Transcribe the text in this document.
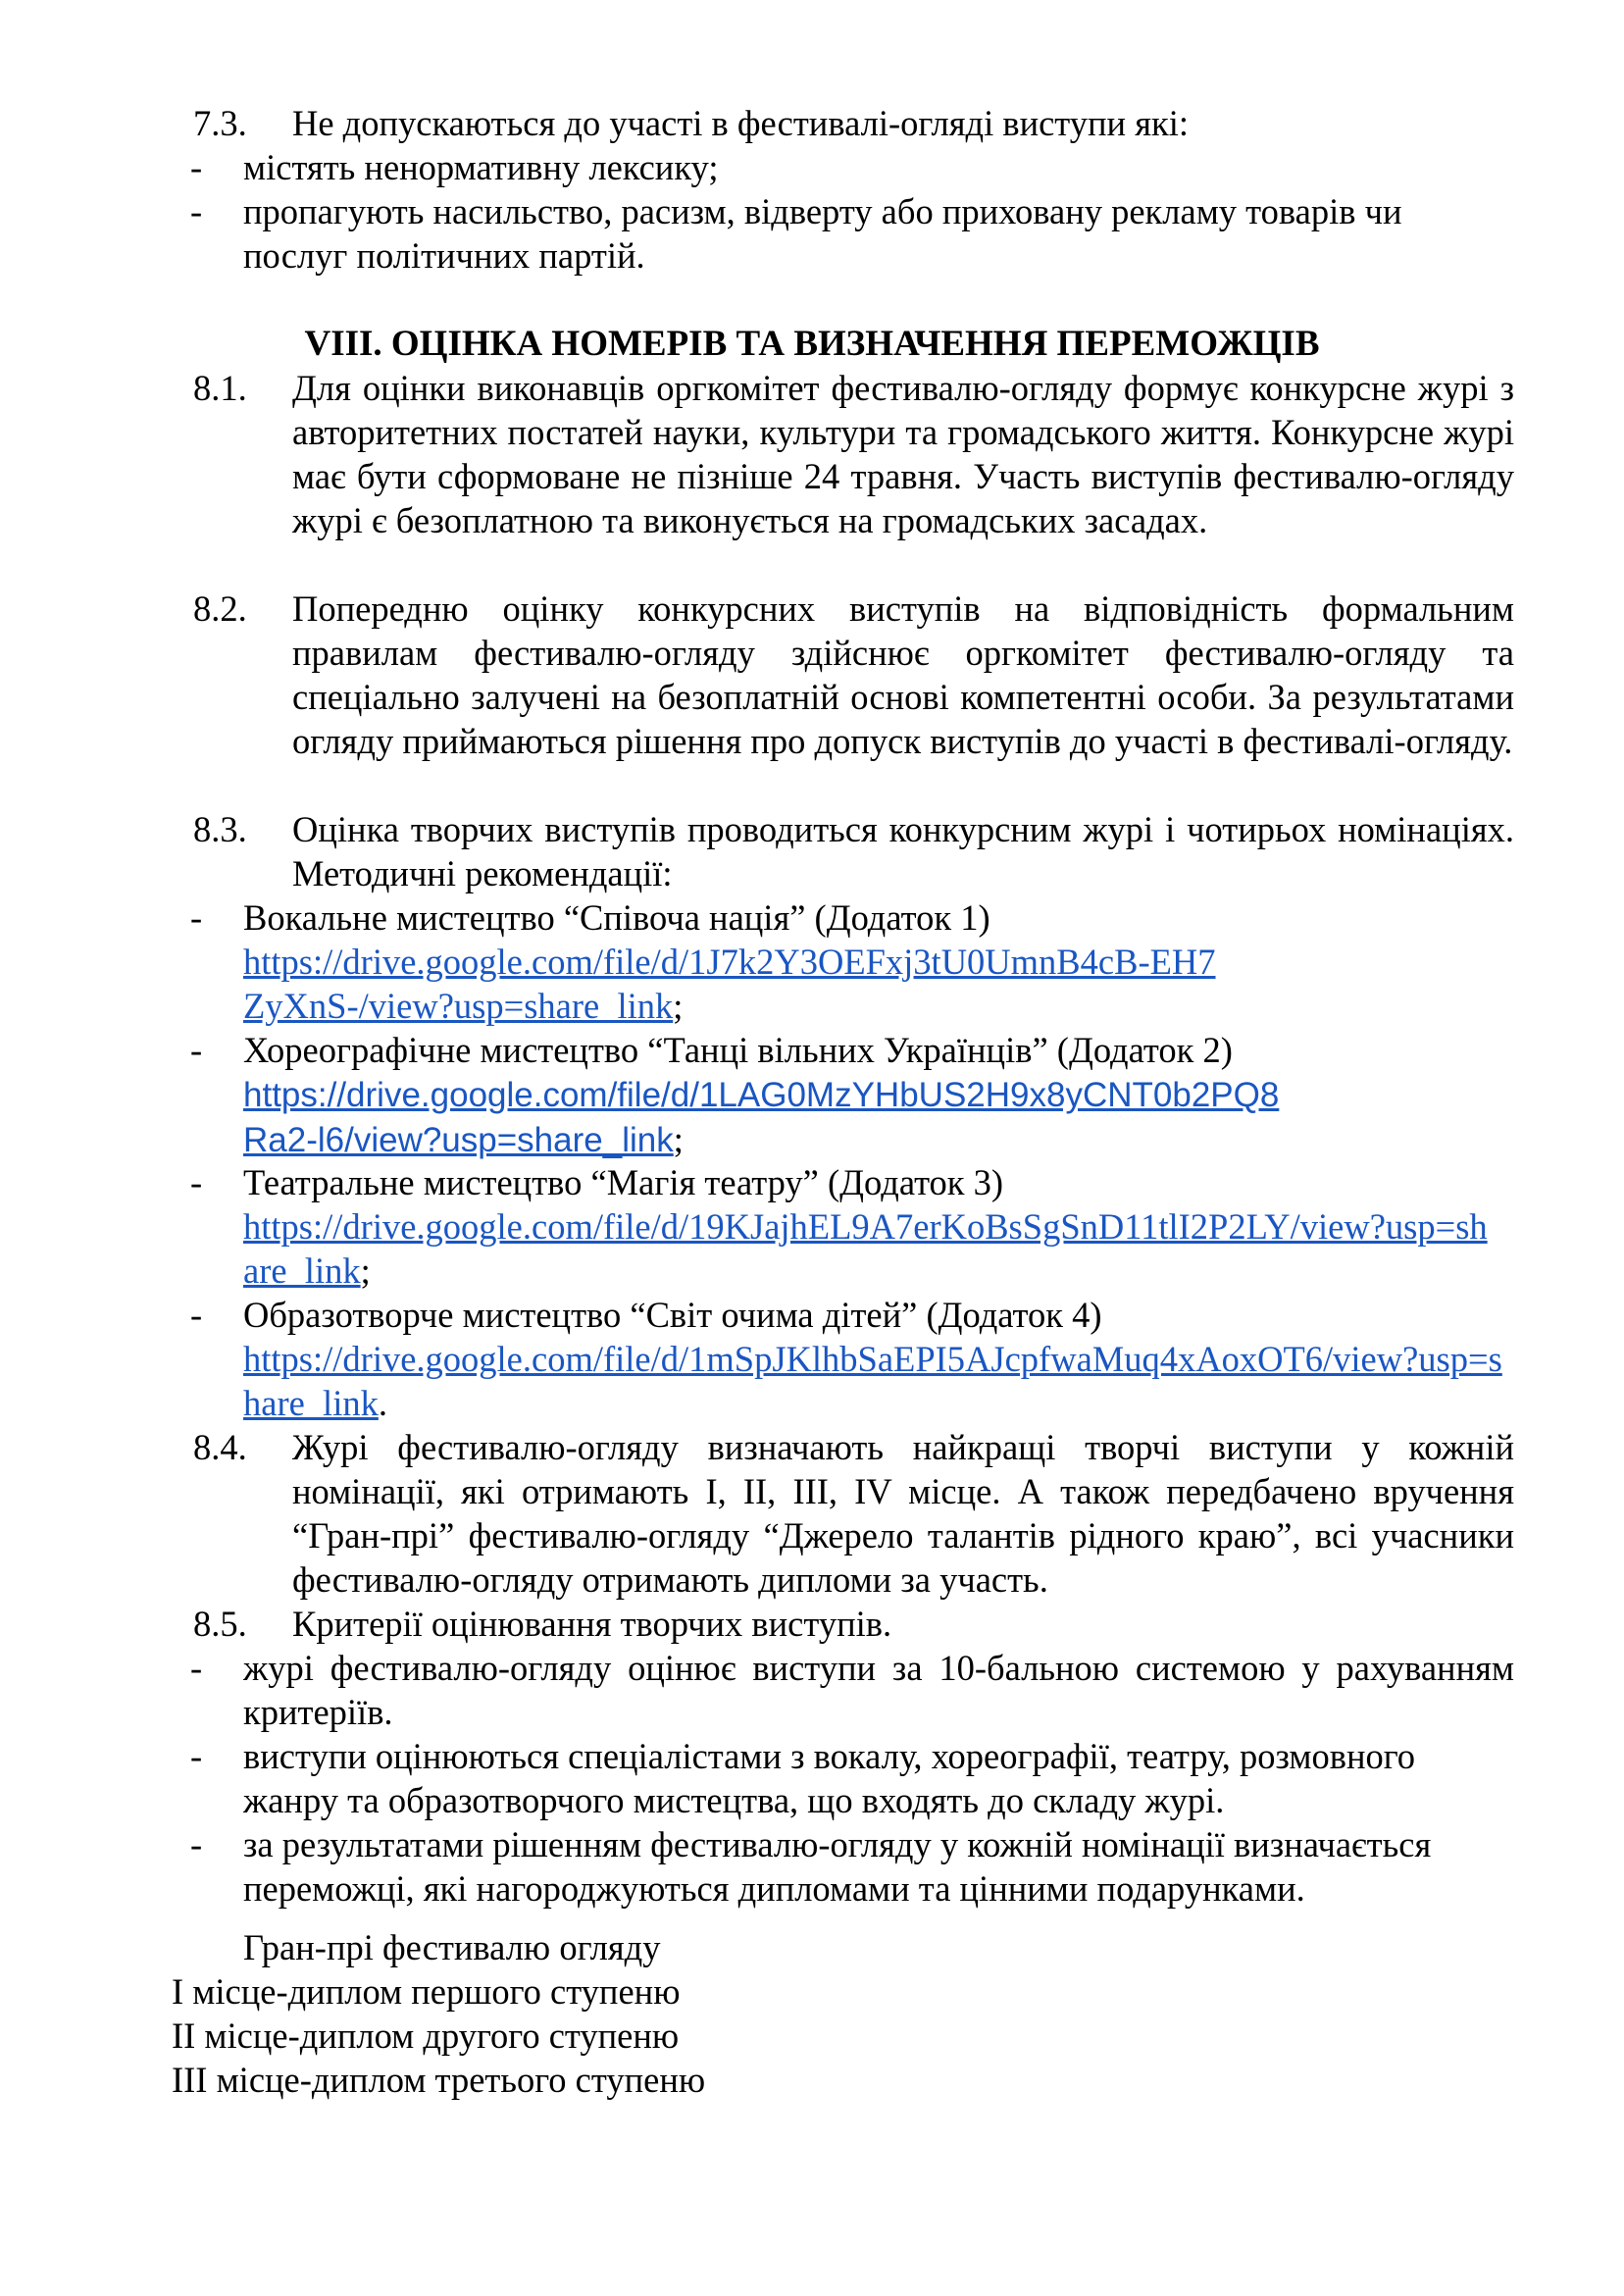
7.3. Не допускаються до участі в фестивалі-огляді виступи які:
- містять ненормативну лексику;
- пропагують насильство, расизм, відверту або приховану рекламу товарів чи послуг політичних партій.
VIII. ОЦІНКА НОМЕРІВ ТА ВИЗНАЧЕННЯ ПЕРЕМОЖЦІВ
8.1. Для оцінки виконавців оргкомітет фестивалю-огляду формує конкурсне журі з авторитетних постатей науки, культури та громадського життя. Конкурсне журі має бути сформоване не пізніше 24 травня. Участь виступів фестивалю-огляду журі є безоплатною та виконується на громадських засадах.
8.2. Попередню оцінку конкурсних виступів на відповідність формальним правилам фестивалю-огляду здійснює оргкомітет фестивалю-огляду та спеціально залучені на безоплатній основі компетентні особи. За результатами огляду приймаються рішення про допуск виступів до участі в фестивалі-огляду.
8.3. Оцінка творчих виступів проводиться конкурсним журі і чотирьох номінаціях. Методичні рекомендації:
- Вокальне мистецтво “Співоча нація” (Додаток 1)
https://drive.google.com/file/d/1J7k2Y3OEFxj3tU0UmnB4cB-EH7ZyXnS-/view?usp=share_link;
- Хореографічне мистецтво “Танці вільних Українців” (Додаток 2)
https://drive.google.com/file/d/1LAG0MzYHbUS2H9x8yCNT0b2PQ8Ra2-l6/view?usp=share_link;
- Театральне мистецтво “Магія театру” (Додаток 3)
https://drive.google.com/file/d/19KJajhEL9A7erKoBsSgSnD11tlI2P2LY/view?usp=share_link;
- Образотворче мистецтво “Світ очима дітей” (Додаток 4)
https://drive.google.com/file/d/1mSpJKlhbSaEPI5AJcpfwaMuq4xAoxOT6/view?usp=share_link.
8.4. Журі фестивалю-огляду визначають найкращі творчі виступи у кожній номінації, які отримають I, II, III, IV місце. А також передбачено вручення “Гран-прі” фестивалю-огляду “Джерело талантів рідного краю”, всі учасники фестивалю-огляду отримають дипломи за участь.
8.5. Критерії оцінювання творчих виступів.
- журі фестивалю-огляду оцінює виступи за 10-бальною системою у рахуванням критеріїв.
- виступи оцінюються спеціалістами з вокалу, хореографії, театру, розмовного жанру та образотворчого мистецтва, що входять до складу журі.
- за результатами рішенням фестивалю-огляду у кожній номінації визначається переможці, які нагороджуються дипломами та цінними подарунками.
Гран-прі фестивалю огляду
I місце-диплом першого ступеню
II місце-диплом другого ступеню
III місце-диплом третього ступеню
